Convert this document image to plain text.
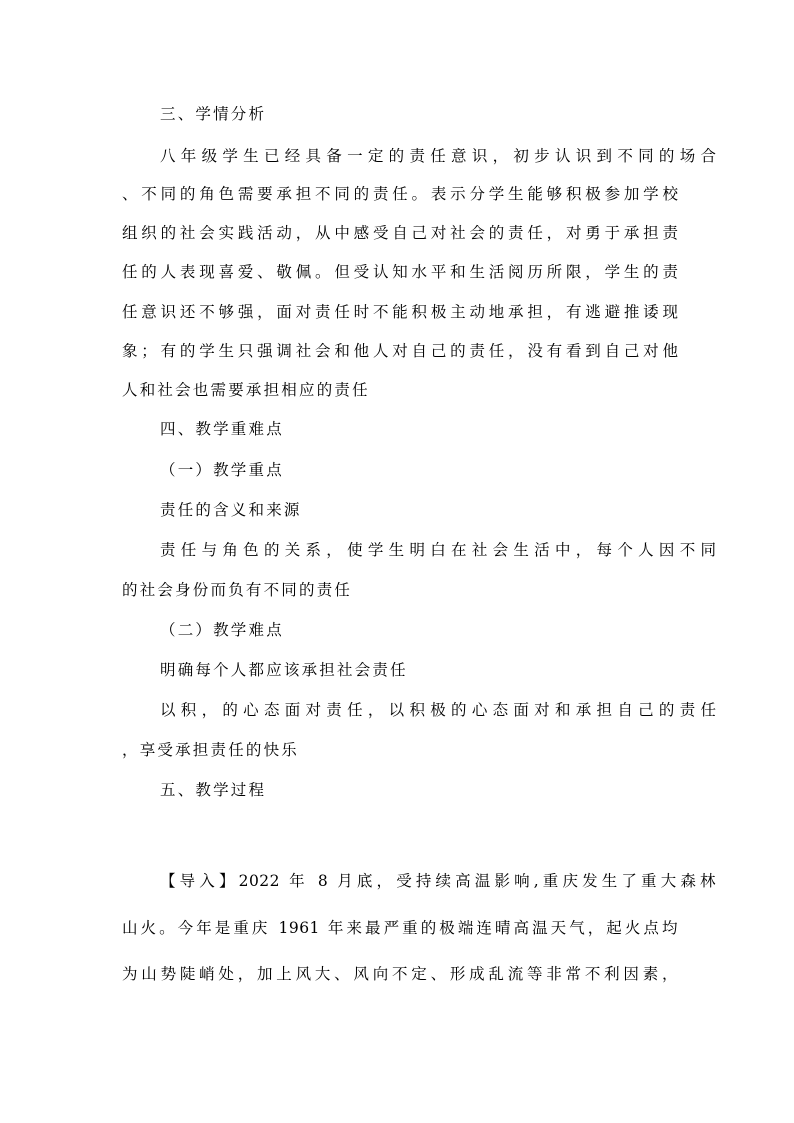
三、学情分析
八年级学生已经具备一定的责任意识，初步认识到不同的场合
、不同的角色需要承担不同的责任。表示分学生能够积极参加学校
组织的社会实践活动，从中感受自己对社会的责任，对勇于承担责
任的人表现喜爱、敬佩。但受认知水平和生活阅历所限，学生的责
任意识还不够强，面对责任时不能积极主动地承担，有逃避推诿现
象；有的学生只强调社会和他人对自己的责任，没有看到自己对他
人和社会也需要承担相应的责任
四、教学重难点
（一）教学重点
责任的含义和来源
责任与角色的关系，使学生明白在社会生活中，每个人因不同
的社会身份而负有不同的责任
（二）教学难点
明确每个人都应该承担社会责任
以积，的心态面对责任，以积极的心态面对和承担自己的责任
，享受承担责任的快乐
五、教学过程
【导入】2022 年 8 月底，受持续高温影响,重庆发生了重大森林
山火。今年是重庆 1961 年来最严重的极端连晴高温天气，起火点均
为山势陡峭处，加上风大、风向不定、形成乱流等非常不利因素，
